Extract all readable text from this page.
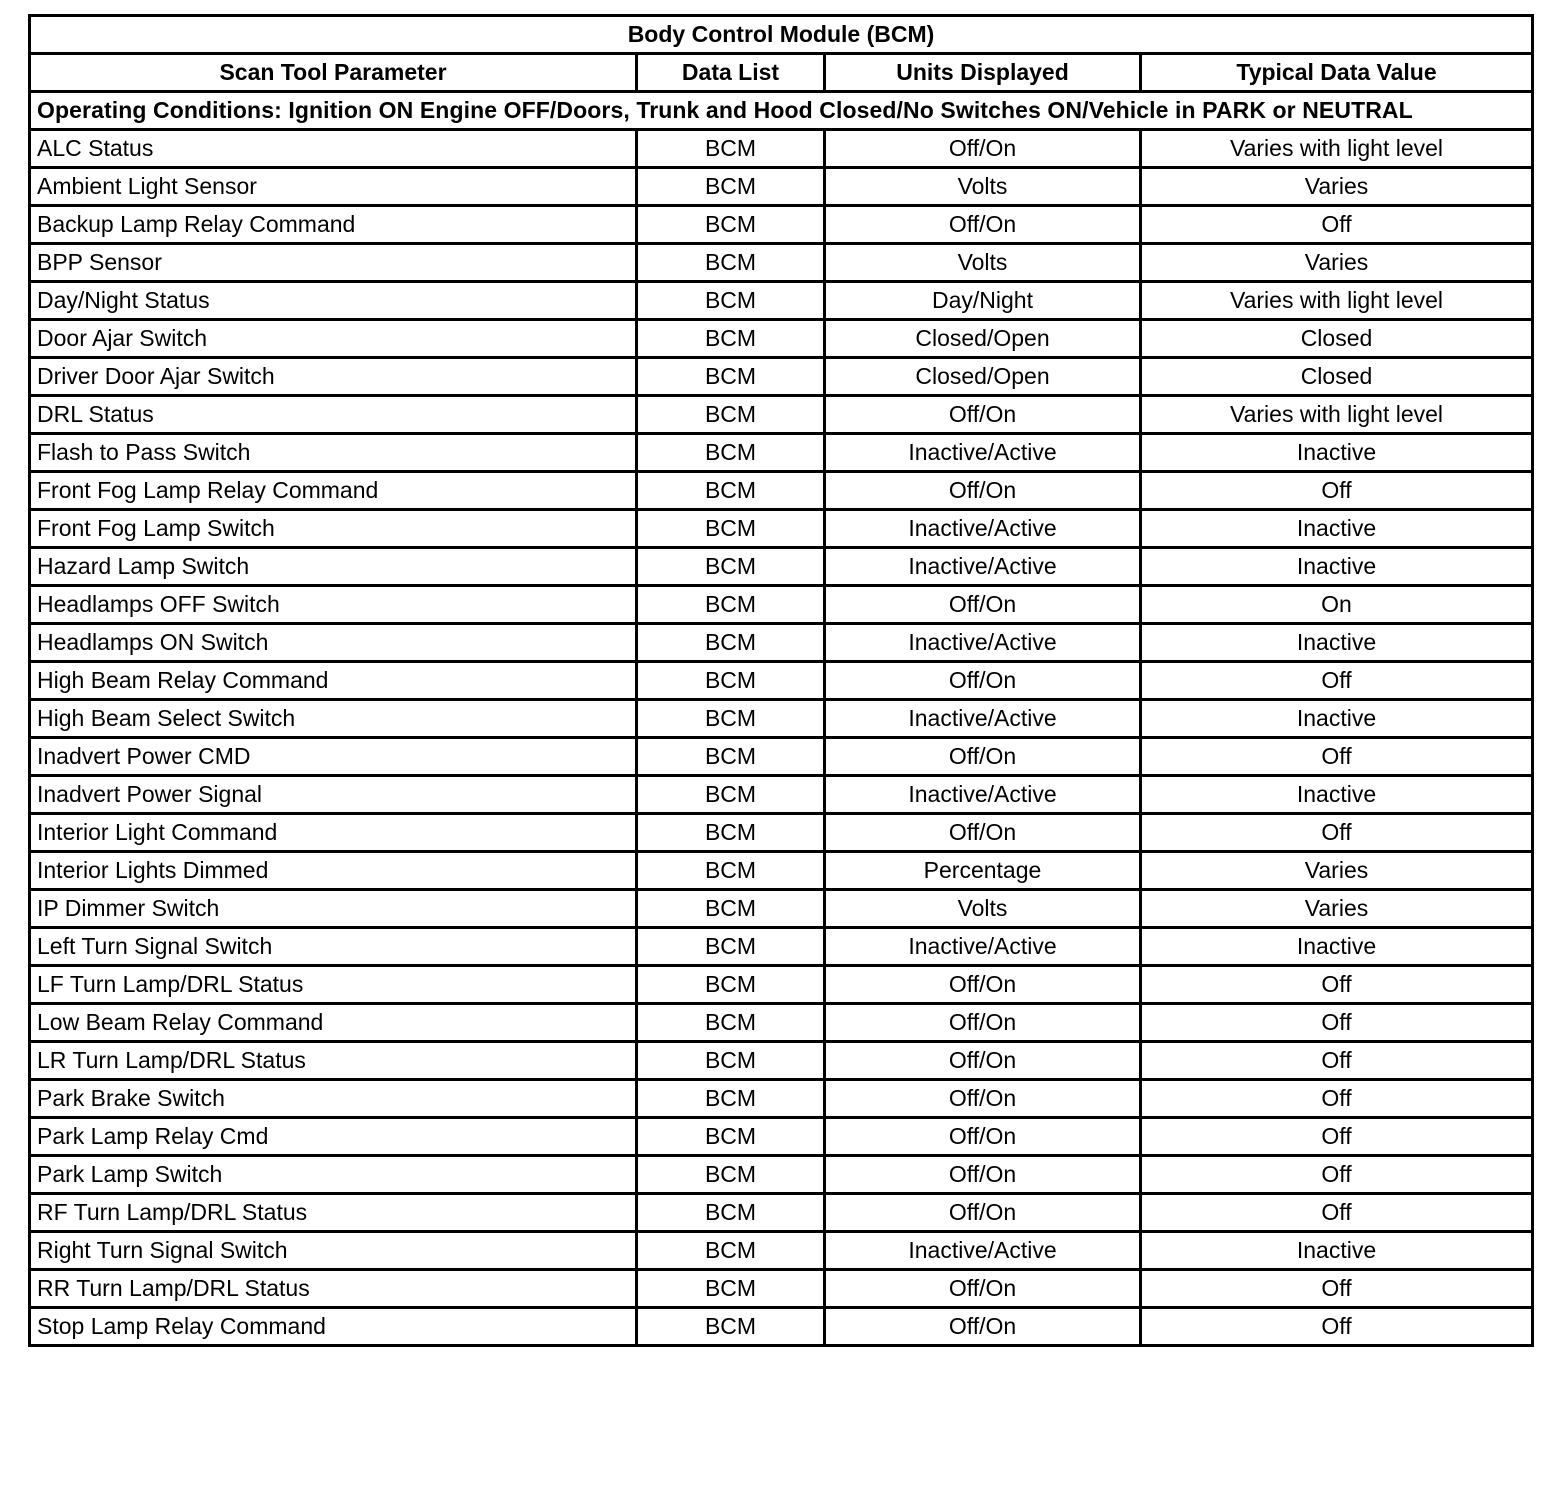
Body Control Module (BCM)			
Scan Tool Parameter	Data List	Units Displayed	Typical Data Value
Operating Conditions: Ignition ON Engine OFF/Doors, Trunk and Hood Closed/No Switches ON/Vehicle in PARK or NEUTRAL			
ALC Status	BCM	Off/On	Varies with light level
Ambient Light Sensor	BCM	Volts	Varies
Backup Lamp Relay Command	BCM	Off/On	Off
BPP Sensor	BCM	Volts	Varies
Day/Night Status	BCM	Day/Night	Varies with light level
Door Ajar Switch	BCM	Closed/Open	Closed
Driver Door Ajar Switch	BCM	Closed/Open	Closed
DRL Status	BCM	Off/On	Varies with light level
Flash to Pass Switch	BCM	Inactive/Active	Inactive
Front Fog Lamp Relay Command	BCM	Off/On	Off
Front Fog Lamp Switch	BCM	Inactive/Active	Inactive
Hazard Lamp Switch	BCM	Inactive/Active	Inactive
Headlamps OFF Switch	BCM	Off/On	On
Headlamps ON Switch	BCM	Inactive/Active	Inactive
High Beam Relay Command	BCM	Off/On	Off
High Beam Select Switch	BCM	Inactive/Active	Inactive
Inadvert Power CMD	BCM	Off/On	Off
Inadvert Power Signal	BCM	Inactive/Active	Inactive
Interior Light Command	BCM	Off/On	Off
Interior Lights Dimmed	BCM	Percentage	Varies
IP Dimmer Switch	BCM	Volts	Varies
Left Turn Signal Switch	BCM	Inactive/Active	Inactive
LF Turn Lamp/DRL Status	BCM	Off/On	Off
Low Beam Relay Command	BCM	Off/On	Off
LR Turn Lamp/DRL Status	BCM	Off/On	Off
Park Brake Switch	BCM	Off/On	Off
Park Lamp Relay Cmd	BCM	Off/On	Off
Park Lamp Switch	BCM	Off/On	Off
RF Turn Lamp/DRL Status	BCM	Off/On	Off
Right Turn Signal Switch	BCM	Inactive/Active	Inactive
RR Turn Lamp/DRL Status	BCM	Off/On	Off
Stop Lamp Relay Command	BCM	Off/On	Off
